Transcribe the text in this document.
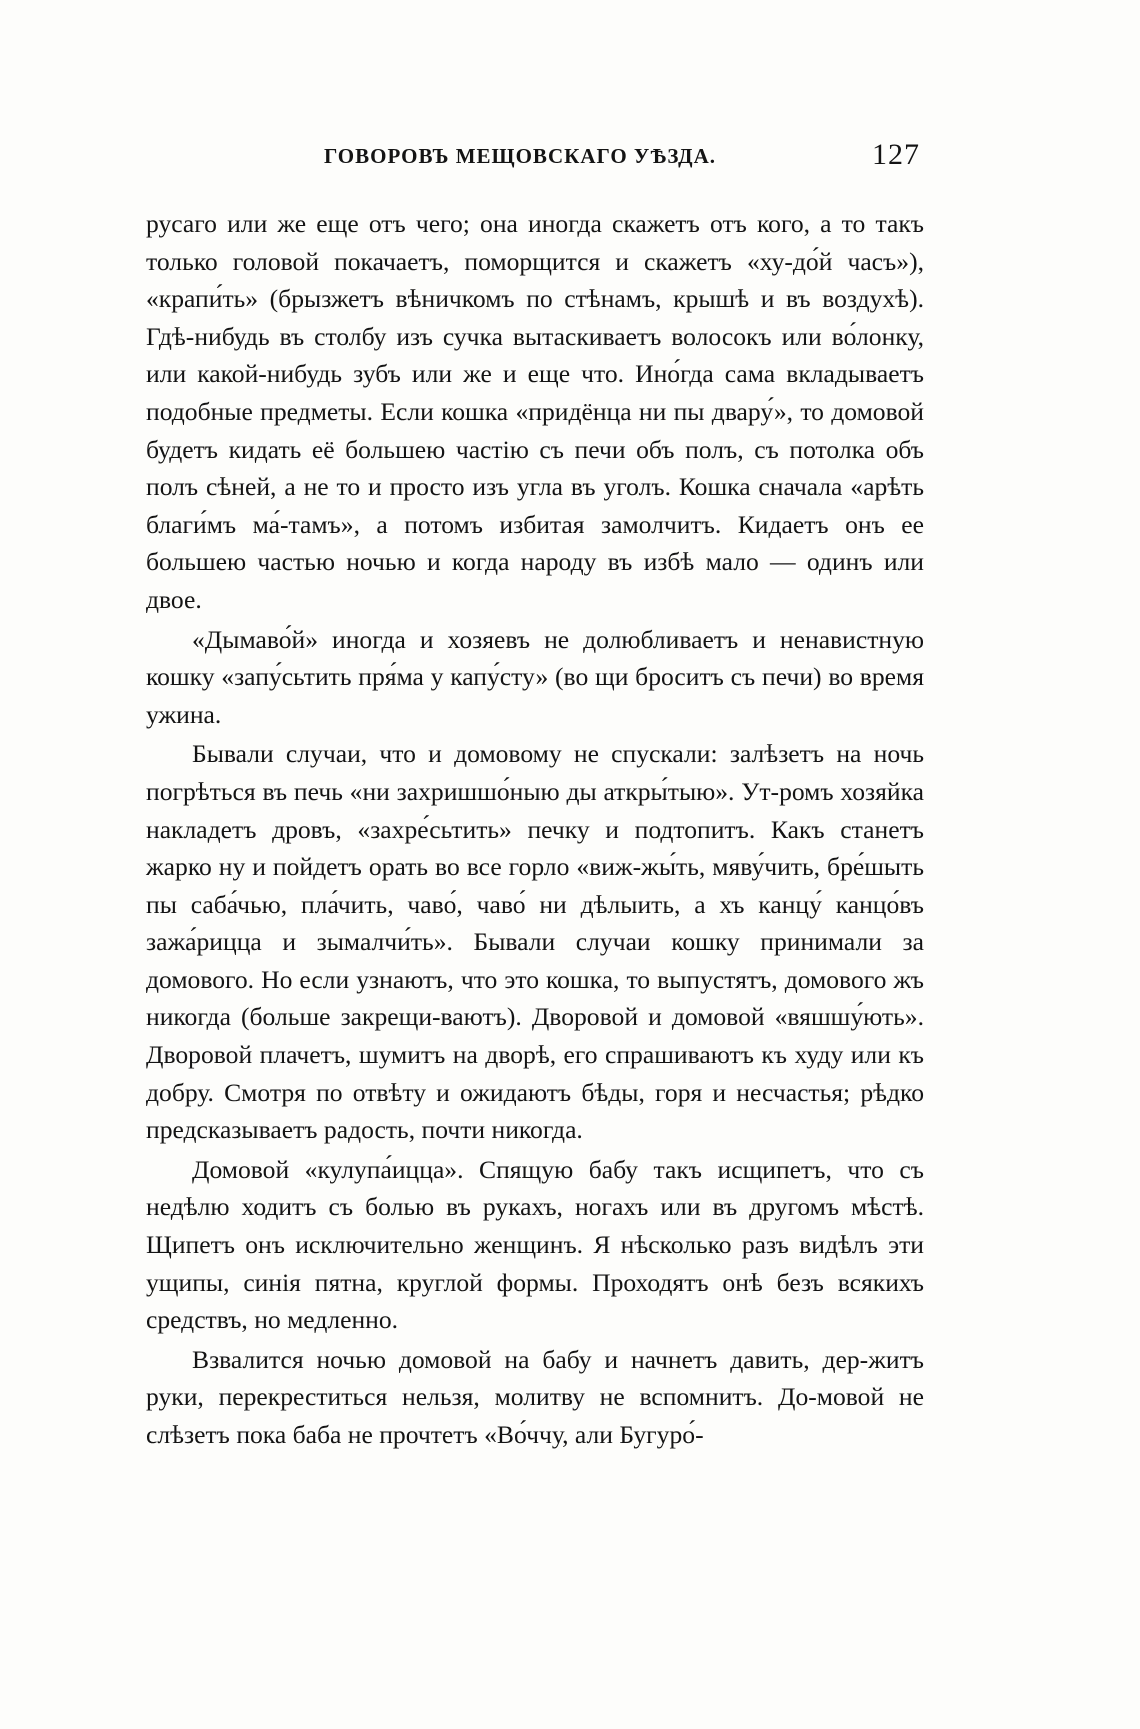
ГОВОРОВЪ МЕЩОВСКАГО УѢЗДА.	127

русаго или же еще отъ чего; она иногда скажетъ отъ кого, а то такъ только головой покачаетъ, поморщится и скажетъ «ху-до́й часъ»), «крапи́ть» (брызжетъ вѣничкомъ по стѣнамъ, крышѣ и въ воздухѣ). Гдѣ-нибудь въ столбу изъ сучка вытаскиваетъ волосокъ или во́лонку, или какой-нибудь зубъ или же и еще что. Ино́гда сама вкладываетъ подобные предметы. Если кошка «придёнца ни пы двару́», то домовой будетъ кидать её большею частію съ печи объ полъ, съ потолка объ полъ сѣней, а не то и просто изъ угла въ уголъ. Кошка сначала «арѣть благи́мъ ма́-тамъ», а потомъ избитая замолчитъ. Кидаетъ онъ ее большею частью ночью и когда народу въ избѣ мало — одинъ или двое.

«Дымаво́й» иногда и хозяевъ не долюбливаетъ и ненавистную кошку «запу́сьтить пря́ма у капу́сту» (во щи броситъ съ печи) во время ужина.

Бывали случаи, что и домовому не спускали: залѣзетъ на ночь погрѣться въ печь «ни захришшо́ныю ды аткры́тыю». Ут-ромъ хозяйка накладетъ дровъ, «захре́сьтить» печку и подтопитъ. Какъ станетъ жарко ну и пойдетъ орать во все горло «виж-жы́ть, мяву́чить, бре́шыть пы саба́чью, пла́чить, чаво́, чаво́ ни дѣлыить, а хъ канцу́ канцо́въ зажа́рицца и зымалчи́ть». Бывали случаи кошку принимали за домового. Но если узнаютъ, что это кошка, то выпустятъ, домового жъ никогда (больше закрещи-ваютъ). Дворовой и домовой «вяшшу́ють». Дворовой плачетъ, шумитъ на дворѣ, его спрашиваютъ къ худу или къ добру. Смотря по отвѣту и ожидаютъ бѣды, горя и несчастья; рѣдко предсказываетъ радость, почти никогда.

Домовой «кулупа́ицца». Спящую бабу такъ исщипетъ, что съ недѣлю ходитъ съ болью въ рукахъ, ногахъ или въ другомъ мѣстѣ. Щипетъ онъ исключительно женщинъ. Я нѣсколько разъ видѣлъ эти ущипы, синія пятна, круглой формы. Проходятъ онѣ безъ всякихъ средствъ, но медленно.

Взвалится ночью домовой на бабу и начнетъ давить, дер-житъ руки, перекреститься нельзя, молитву не вспомнитъ. До-мовой не слѣзетъ пока баба не прочтетъ «Во́ччу, али Бугуро́-
